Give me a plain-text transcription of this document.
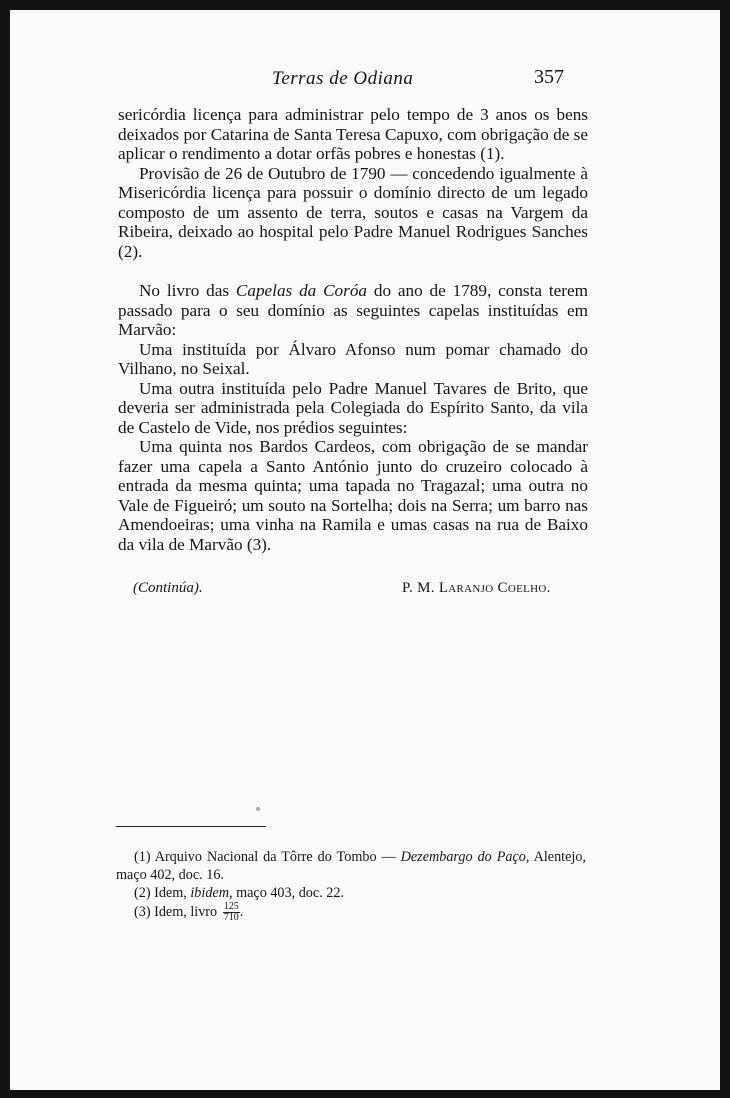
Terras de Odiana	357

sericórdia licença para administrar pelo tempo de 3 anos os bens deixados por Catarina de Santa Teresa Capuxo, com obrigação de se aplicar o rendimento a dotar orfãs pobres e honestas (1).

Provisão de 26 de Outubro de 1790 — concedendo igualmente à Misericórdia licença para possuir o domínio directo de um legado composto de um assento de terra, soutos e casas na Vargem da Ribeira, deixado ao hospital pelo Padre Manuel Rodrigues Sanches (2).

No livro das Capelas da Coróa do ano de 1789, consta terem passado para o seu domínio as seguintes capelas instituídas em Marvão:

Uma instituída por Álvaro Afonso num pomar chamado do Vilhano, no Seixal.

Uma outra instituída pelo Padre Manuel Tavares de Brito, que deveria ser administrada pela Colegiada do Espírito Santo, da vila de Castelo de Vide, nos prédios seguintes:

Uma quinta nos Bardos Cardeos, com obrigação de se mandar fazer uma capela a Santo António junto do cruzeiro colocado à entrada da mesma quinta; uma tapada no Tragazal; uma outra no Vale de Figueiró; um souto na Sortelha; dois na Serra; um barro nas Amendoeiras; uma vinha na Ramila e umas casas na rua de Baixo da vila de Marvão (3).

(Continúa).	P. M. Laranjo Coelho.

(1) Arquivo Nacional da Tôrre do Tombo — Dezembargo do Paço, Alentejo, maço 402, doc. 16.

(2) Idem, ibidem, maço 403, doc. 22.

(3) Idem, livro $\frac{125}{710}$ .
